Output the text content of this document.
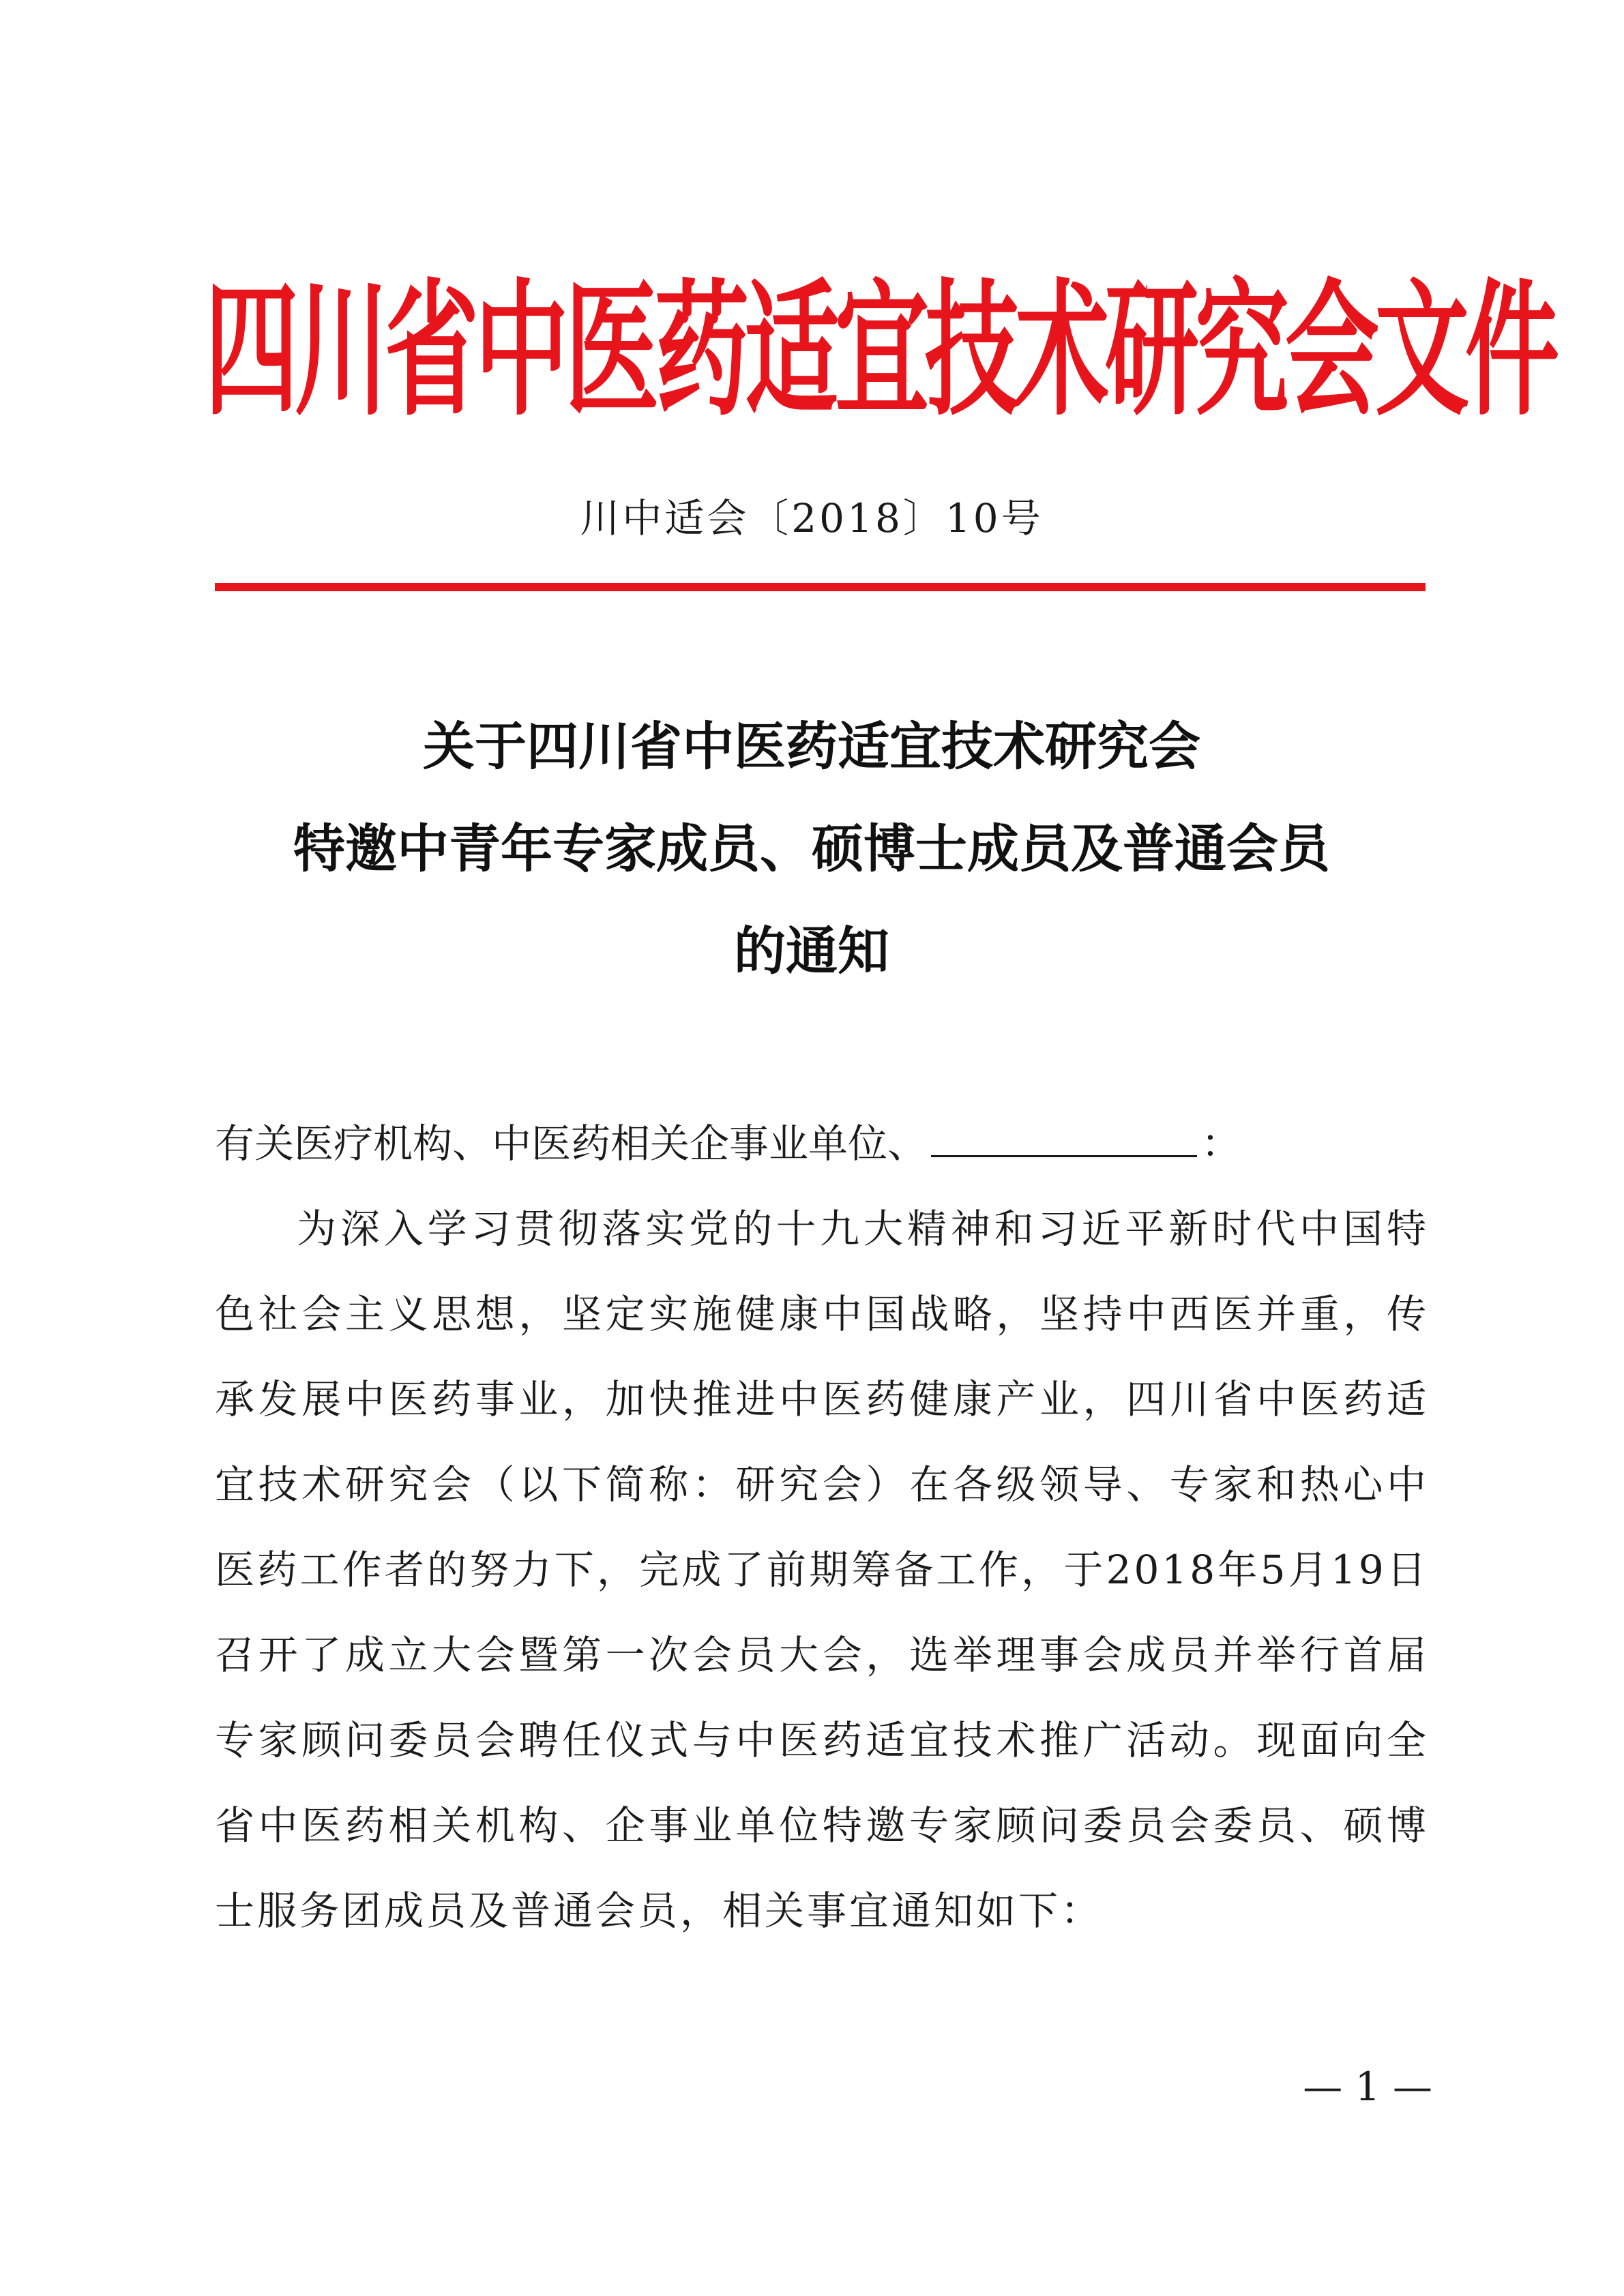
四川省中医药适宜技术研究会文件
川中适会〔2018〕10号
关于四川省中医药适宜技术研究会
特邀中青年专家成员、硕博士成员及普通会员
的通知
有关医疗机构、中医药相关企事业单位、	：

为深入学习贯彻落实党的十九大精神和习近平新时代中国特色社会主义思想，坚定实施健康中国战略，坚持中西医并重，传承发展中医药事业，加快推进中医药健康产业，四川省中医药适宜技术研究会（以下简称：研究会）在各级领导、专家和热心中医药工作者的努力下，完成了前期筹备工作，于2018年5月19日召开了成立大会暨第一次会员大会，选举理事会成员并举行首届专家顾问委员会聘任仪式与中医药适宜技术推广活动。现面向全省中医药相关机构、企事业单位特邀专家顾问委员会委员、硕博士服务团成员及普通会员，相关事宜通知如下：

— 1 —
